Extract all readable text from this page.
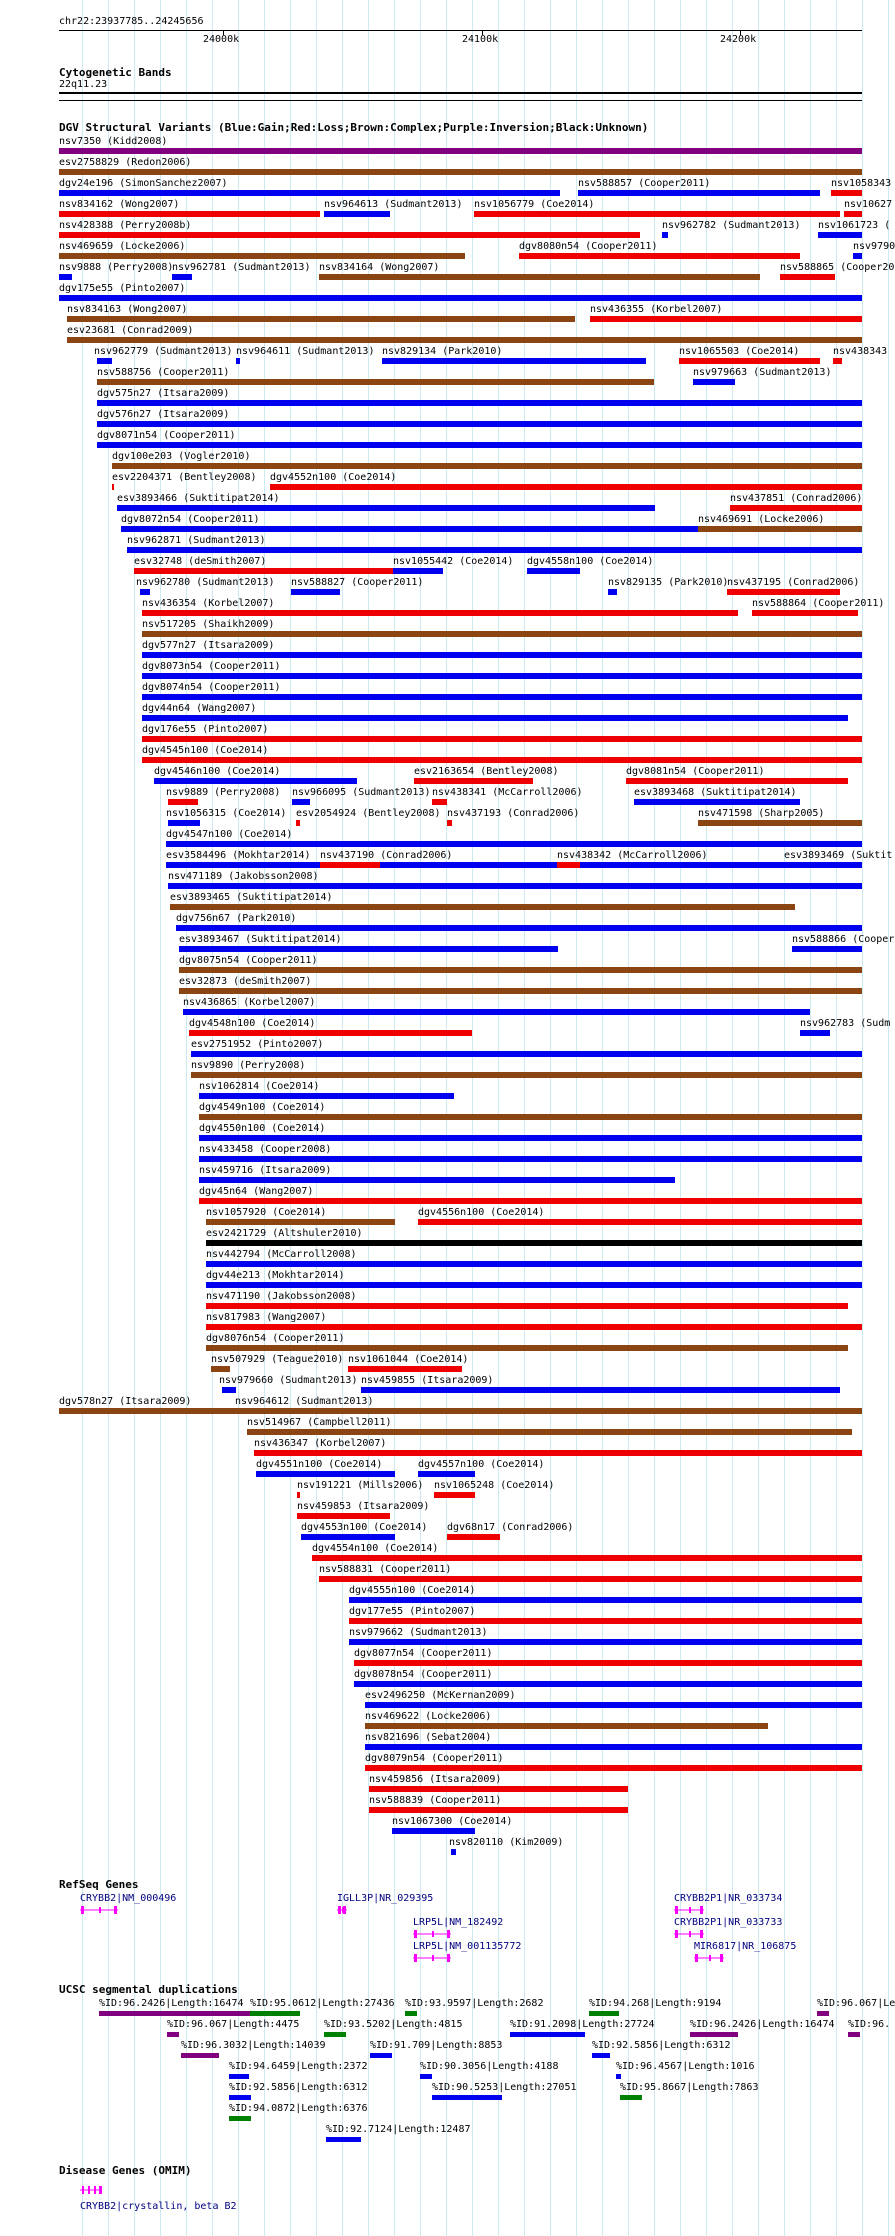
chr22:23937785..24245656
24000k	24100k	24200k
Cytogenetic Bands
22q11.23
DGV Structural Variants (Blue:Gain;Red:Loss;Brown:Complex;Purple:Inversion;Black:Unknown)
nsv7350 (Kidd2008)
esv2758829 (Redon2006)
dgv24e196 (SimonSanchez2007)	nsv588857 (Cooper2011)	nsv1058343
nsv834162 (Wong2007)	nsv964613 (Sudmant2013) nsv1056779 (Coe2014)	nsv10627
nsv428388 (Perry2008b)	nsv962782 (Sudmant2013) nsv1061723 (
nsv469659 (Locke2006)	dgv8080n54 (Cooper2011)	nsv9790
nsv9888 (Perry2008)
nsv962781 (Sudmant2013) nsv834164 (Wong2007)	nsv588865 (Cooper20
dgv175e55 (Pinto2007)
nsv834163 (Wong2007)	nsv436355 (Korbel2007)
esv23681 (Conrad2009)
nsv962779 (Sudmant2013) nsv964611 (Sudmant2013) nsv829134 (Park2010)	nsv1065503 (Coe2014)	nsv438343
nsv588756 (Cooper2011)	nsv979663 (Sudmant2013)
dgv575n27 (Itsara2009)
dgv576n27 (Itsara2009)
dgv8071n54 (Cooper2011)
dgv100e203 (Vogler2010)
esv2204371 (Bentley2008) dgv4552n100 (Coe2014)
esv3893466 (Suktitipat2014)	nsv437851 (Conrad2006)
dgv8072n54 (Cooper2011)	nsv469691 (Locke2006)
nsv962871 (Sudmant2013)
esv32748 (deSmith2007)	nsv1055442 (Coe2014) dgv4558n100 (Coe2014)
nsv962780 (Sudmant2013) nsv588827 (Cooper2011)	nsv829135 (Park2010)
nsv437195 (Conrad2006)
nsv436354 (Korbel2007)	nsv588864 (Cooper2011)
nsv517205 (Shaikh2009)
dgv577n27 (Itsara2009)
dgv8073n54 (Cooper2011)
dgv8074n54 (Cooper2011)
dgv44n64 (Wang2007)
dgv176e55 (Pinto2007)
dgv4545n100 (Coe2014)
dgv4546n100 (Coe2014)	esv2163654 (Bentley2008)	dgv8081n54 (Cooper2011)
nsv9889 (Perry2008) nsv966095 (Sudmant2013) nsv438341 (McCarroll2006)	esv3893468 (Suktitipat2014)
nsv1056315 (Coe2014) esv2054924 (Bentley2008) nsv437193 (Conrad2006)	nsv471598 (Sharp2005)
dgv4547n100 (Coe2014)
esv3584496 (Mokhtar2014) nsv437190 (Conrad2006)	nsv438342 (McCarroll2006)	esv3893469 (Suktit
nsv471189 (Jakobsson2008)
esv3893465 (Suktitipat2014)
dgv756n67 (Park2010)
esv3893467 (Suktitipat2014)	nsv588866 (Cooper
dgv8075n54 (Cooper2011)
esv32873 (deSmith2007)
nsv436865 (Korbel2007)
dgv4548n100 (Coe2014)	nsv962783 (Sudm
esv2751952 (Pinto2007)
nsv9890 (Perry2008)
nsv1062814 (Coe2014)
dgv4549n100 (Coe2014)
dgv4550n100 (Coe2014)
nsv433458 (Cooper2008)
nsv459716 (Itsara2009)
dgv45n64 (Wang2007)
nsv1057920 (Coe2014)	dgv4556n100 (Coe2014)
esv2421729 (Altshuler2010)
nsv442794 (McCarroll2008)
dgv44e213 (Mokhtar2014)
nsv471190 (Jakobsson2008)
nsv817983 (Wang2007)
dgv8076n54 (Cooper2011)
nsv507929 (Teague2010) nsv1061044 (Coe2014)
nsv979660 (Sudmant2013) nsv459855 (Itsara2009)
nsv964612 (Sudmant2013)
dgv578n27 (Itsara2009)
nsv514967 (Campbell2011)
nsv436347 (Korbel2007)
dgv4551n100 (Coe2014)	dgv4557n100 (Coe2014)
nsv191221 (Mills2006) nsv1065248 (Coe2014)
nsv459853 (Itsara2009)
dgv4553n100 (Coe2014) dgv68n17 (Conrad2006)
dgv4554n100 (Coe2014)
nsv588831 (Cooper2011)
dgv4555n100 (Coe2014)
dgv177e55 (Pinto2007)
nsv979662 (Sudmant2013)
dgv8077n54 (Cooper2011)
dgv8078n54 (Cooper2011)
esv2496250 (McKernan2009)
nsv469622 (Locke2006)
nsv821696 (Sebat2004)
dgv8079n54 (Cooper2011)
nsv459856 (Itsara2009)
nsv588839 (Cooper2011)
nsv1067300 (Coe2014)
nsv820110 (Kim2009)
RefSeq Genes
CRYBB2|NM_000496	IGLL3P|NR_029395	CRYBB2P1|NR_033734
LRP5L|NM_182492	CRYBB2P1|NR_033733
LRP5L|NM_001135772	MIR6817|NR_106875
UCSC segmental duplications
%ID:96.2426|Length:16474 %ID:95.0612|Length:27436 %ID:93.9597|Length:2682	%ID:94.268|Length:9194	%ID:96.067|Le
%ID:96.067|Length:4475 %ID:93.5202|Length:4815	%ID:91.2098|Length:27724	%ID:96.2426|Length:16474 %ID:96.
%ID:96.3032|Length:14039	%ID:91.709|Length:8853	%ID:92.5856|Length:6312
%ID:94.6459|Length:2372	%ID:90.3056|Length:4188	%ID:96.4567|Length:1016
%ID:92.5856|Length:6312	%ID:90.5253|Length:27051	%ID:95.8667|Length:7863
%ID:94.0872|Length:6376
%ID:92.7124|Length:12487
Disease Genes (OMIM)
CRYBB2|crystallin, beta B2
